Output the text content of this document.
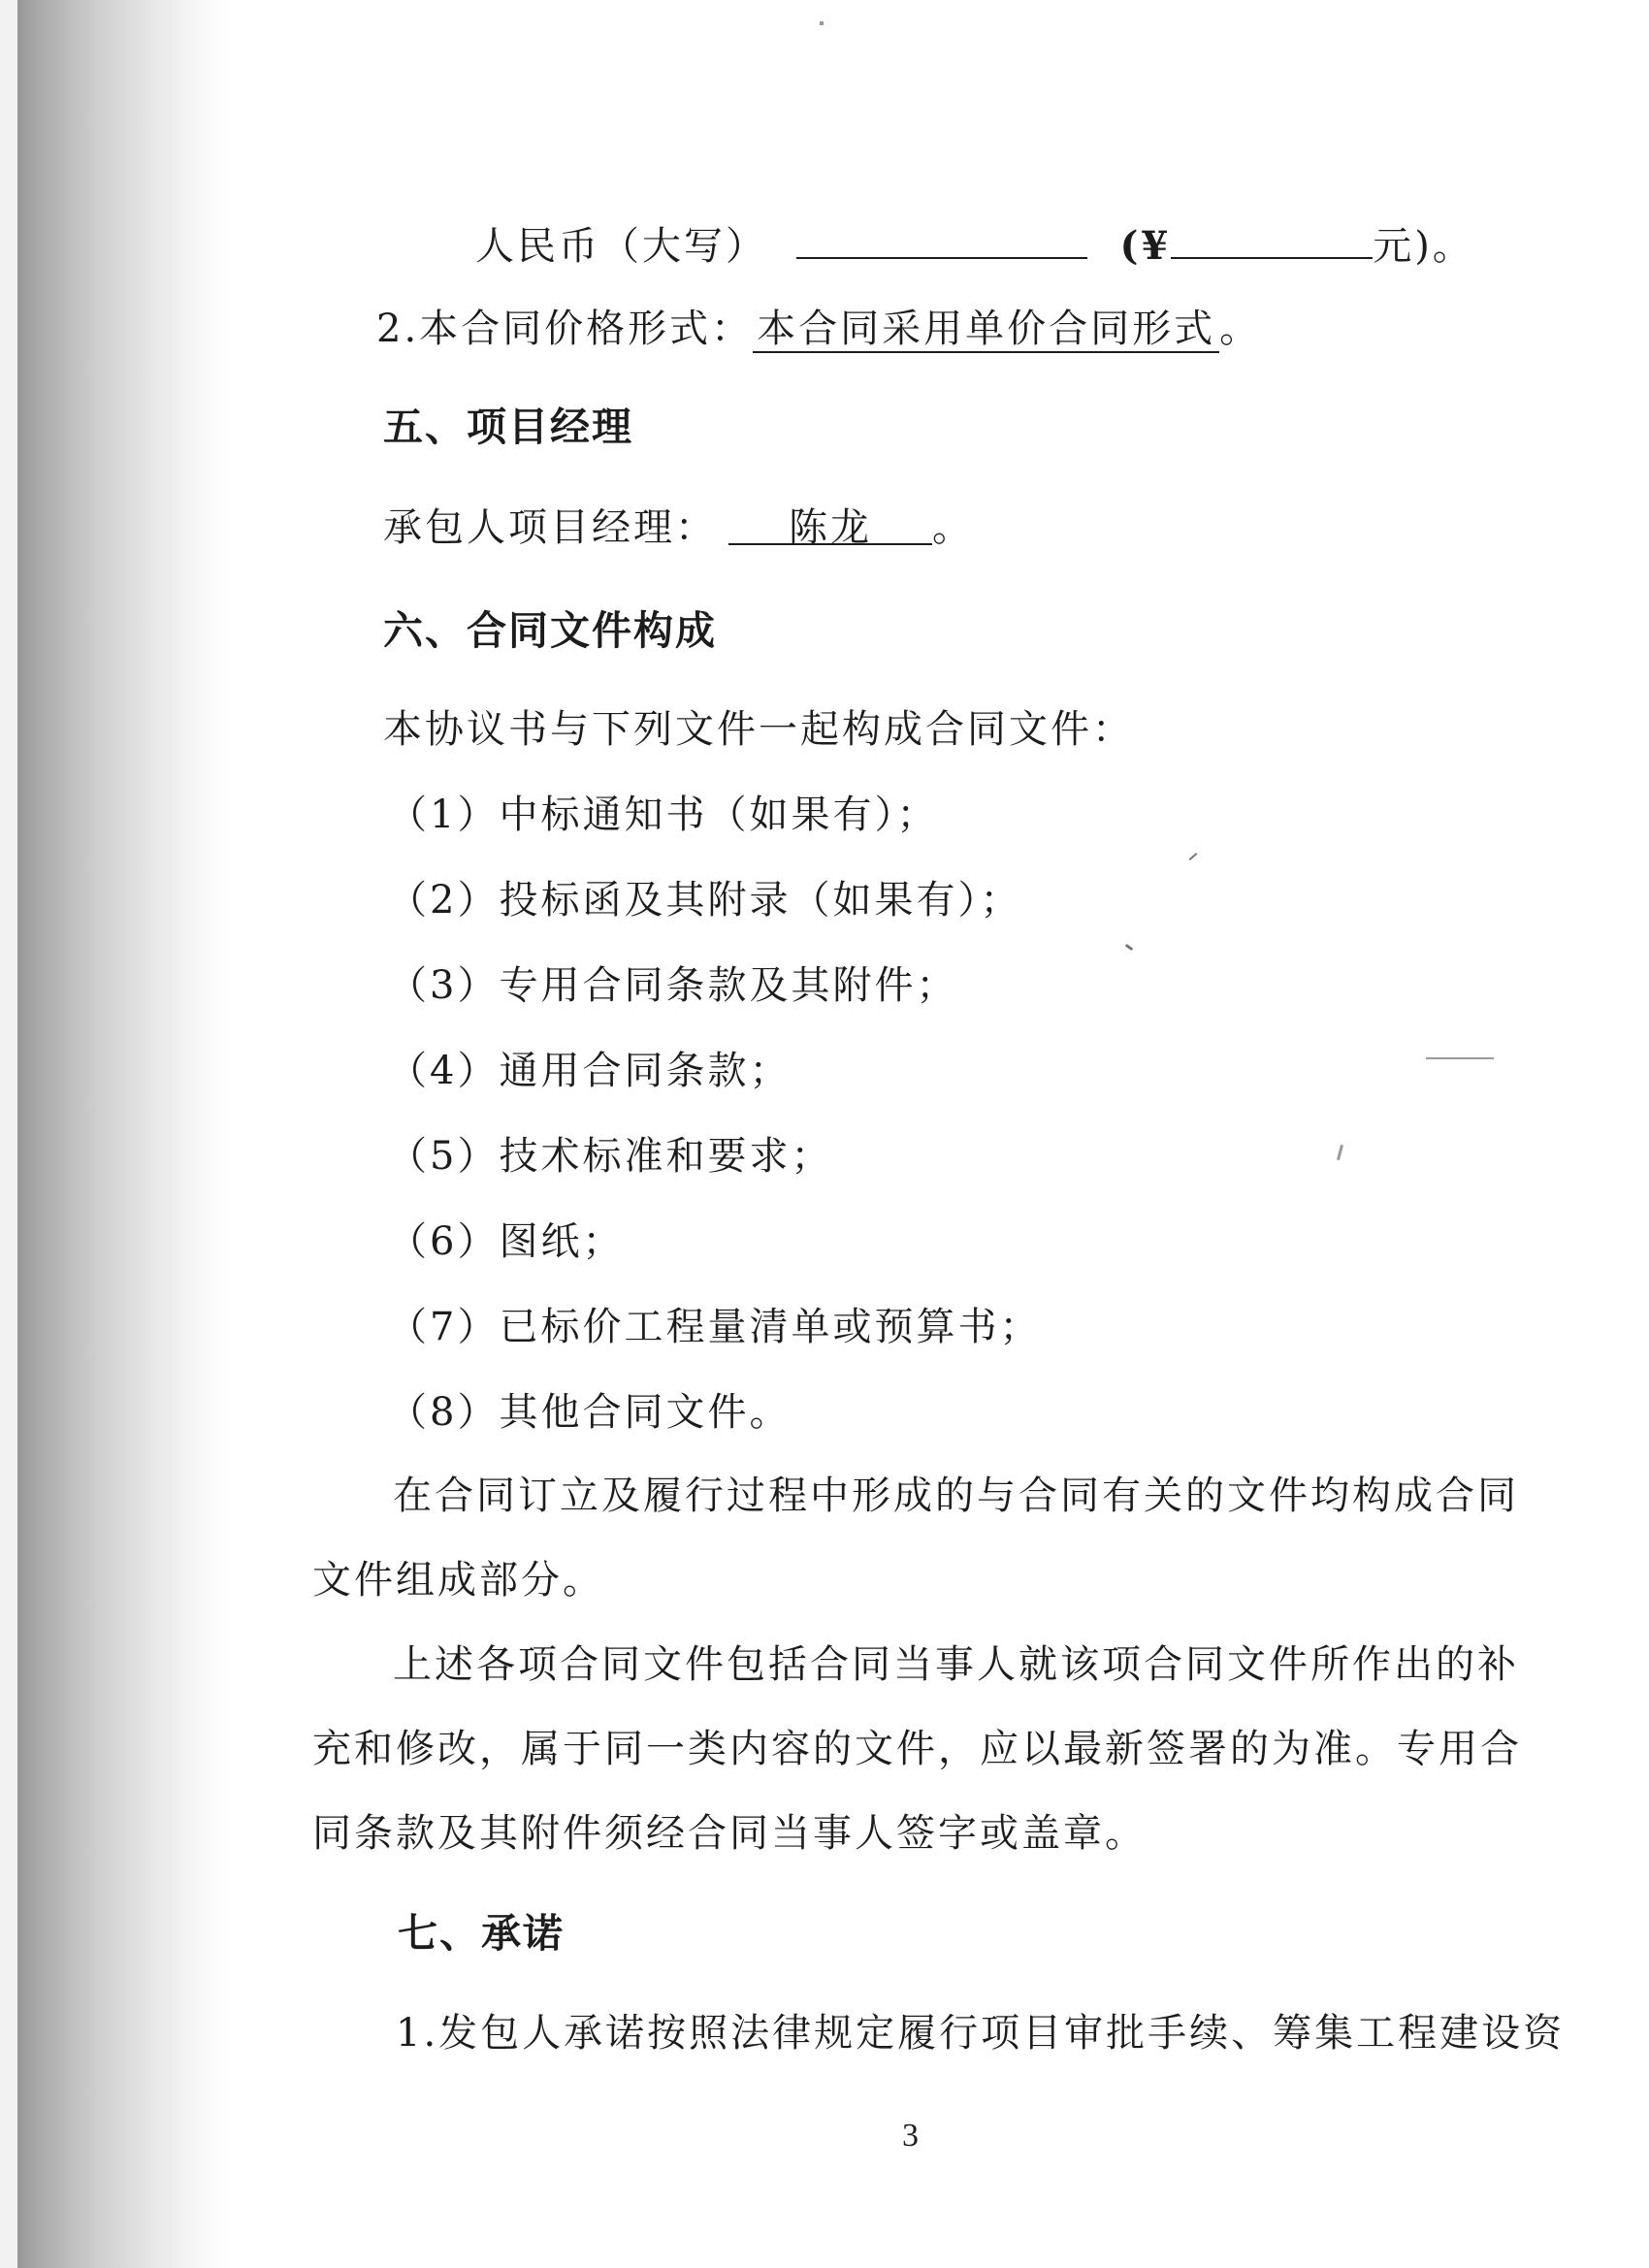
人民币（大写）	(¥	元)。
2.本合同价格形式： 本合同采用单价合同形式 。
五、项目经理
承包人项目经理： 陈龙 。
六、合同文件构成
本协议书与下列文件一起构成合同文件：
（1）中标通知书（如果有）；
（2）投标函及其附录（如果有）；
（3）专用合同条款及其附件；
（4）通用合同条款；
（5）技术标准和要求；
（6）图纸；
（7）已标价工程量清单或预算书；
（8）其他合同文件。
在合同订立及履行过程中形成的与合同有关的文件均构成合同
文件组成部分。
上述各项合同文件包括合同当事人就该项合同文件所作出的补
充和修改，属于同一类内容的文件，应以最新签署的为准。专用合
同条款及其附件须经合同当事人签字或盖章。
七、承诺
1.发包人承诺按照法律规定履行项目审批手续、筹集工程建设资
3
